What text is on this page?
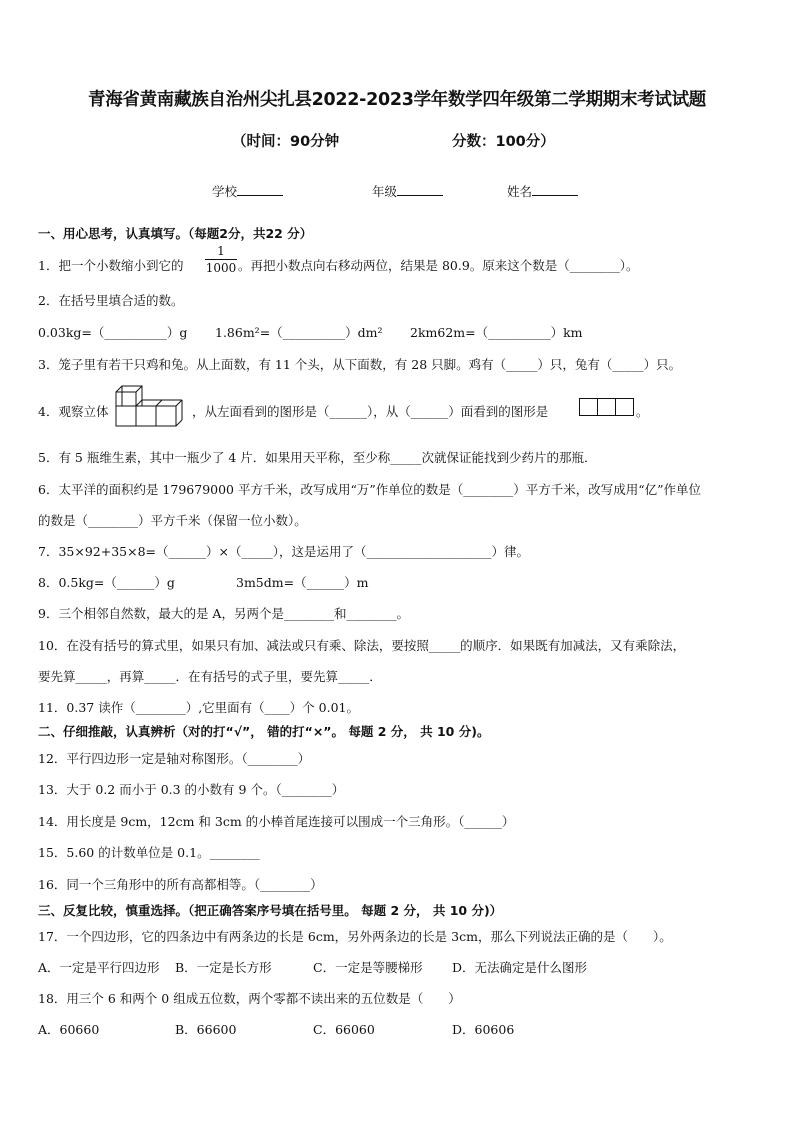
青海省黄南藏族自治州尖扎县2022-2023学年数学四年级第二学期期末考试试题
（时间：90分钟	分数：100分）
学校	年级	姓名
一、用心思考，认真填写。（每题2分，共22 分）
1．把一个小数缩小到它的
1
1000 。再把小数点向右移动两位，结果是 80.9。原来这个数是（________）。
2．在括号里填合适的数。
0.03kg=（__________）g 1.86m²=（__________）dm² 2km62m=（__________）km
3．笼子里有若干只鸡和兔。从上面数，有 11 个头，从下面数，有 28 只脚。鸡有（_____）只，兔有（_____）只。
4．观察立体	，从左面看到的图形是（______），从（______）面看到的图形是	。
5．有 5 瓶维生素，其中一瓶少了 4 片．如果用天平称，至少称_____次就保证能找到少药片的那瓶．
6．太平洋的面积约是 179679000 平方千米，改写成用“万”作单位的数是（________）平方千米，改写成用“亿”作单位
的数是（________）平方千米（保留一位小数）。
7．35×92+35×8=（______）×（_____），这是运用了（____________________）律。
8．0.5kg=（______）g	3m5dm=（______）m
9．三个相邻自然数，最大的是 A，另两个是________和________。
10．在没有括号的算式里，如果只有加、减法或只有乘、除法，要按照_____的顺序．如果既有加减法，又有乘除法，
要先算_____，再算_____．在有括号的式子里，要先算_____．
11．0.37 读作（________）,它里面有（____）个 0.01。
二、仔细推敲，认真辨析（对的打“√”， 错的打“×”。 每题 2 分， 共 10 分)。
12．平行四边形一定是轴对称图形。（________）
13．大于 0.2 而小于 0.3 的小数有 9 个。（________）
14．用长度是 9cm，12cm 和 3cm 的小棒首尾连接可以围成一个三角形。（______）
15．5.60 的计数单位是 0.1。________
16．同一个三角形中的所有高都相等。（________）
三、反复比较，慎重选择。（把正确答案序号填在括号里。 每题 2 分， 共 10 分)）
17．一个四边形，它的四条边中有两条边的长是 6cm，另外两条边的长是 3cm，那么下列说法正确的是（　　）。
A．一定是平行四边形 B．一定是长方形	C．一定是等腰梯形 D．无法确定是什么图形
18．用三个 6 和两个 0 组成五位数，两个零都不读出来的五位数是（　　）
A．60660	B．66600	C．66060	D．60606
